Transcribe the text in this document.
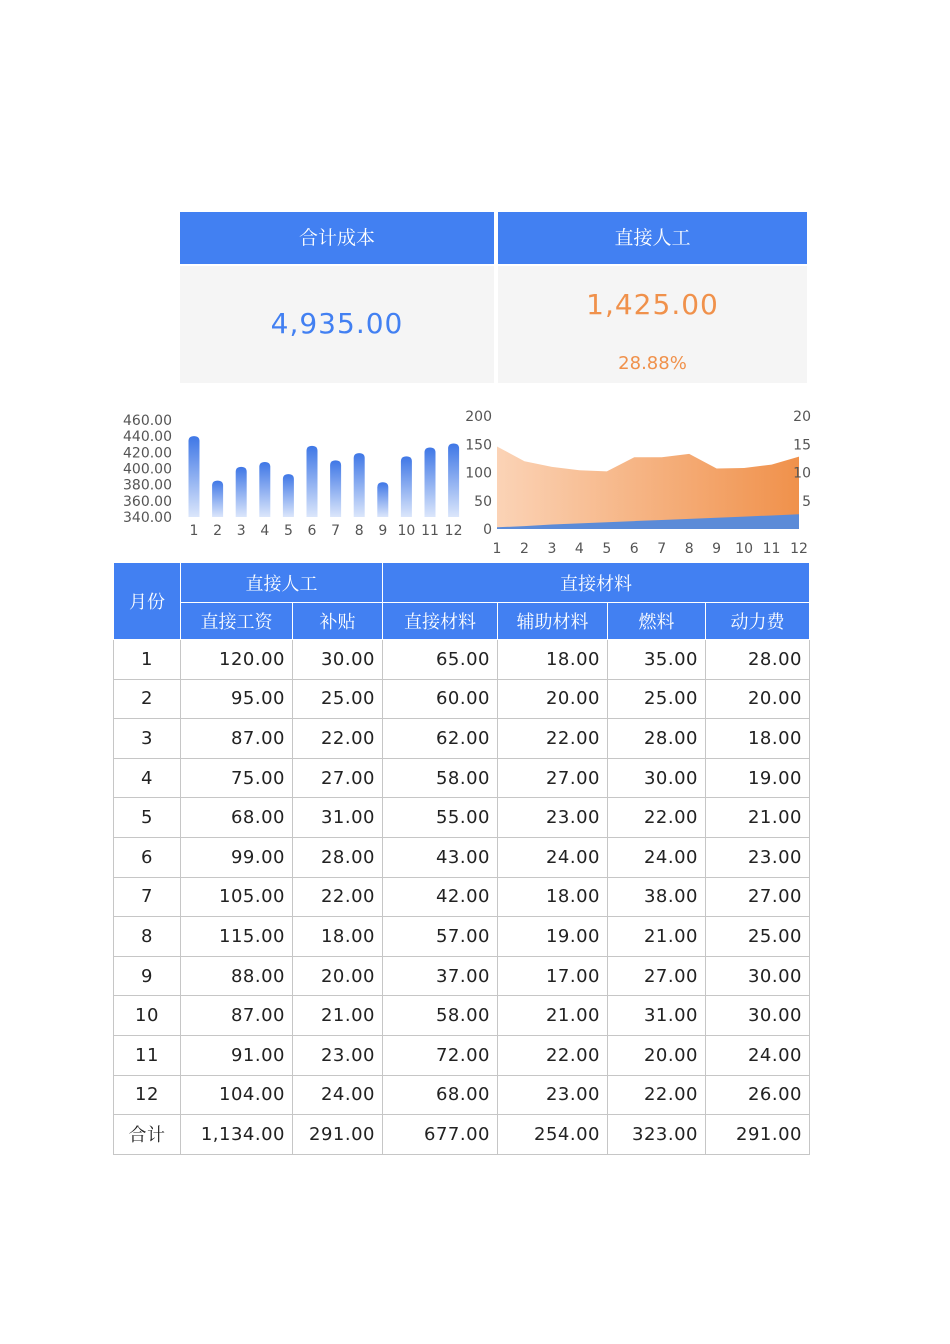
合计成本
4,935.00
直接人工
1,425.00
28.88%
460.00
440.00
420.00
400.00
380.00
360.00
340.00
1 2 3 4 5 6 7 8 9 10 11 12
200
150
100
50
0
20
15
10
5
1 2 3 4 5 6 7 8 9 10 11 12
月份	直接人工		直接材料			
	直接工资	补贴	直接材料	辅助材料	燃料	动力费
1	120.00	30.00	65.00	18.00	35.00	28.00
2	95.00	25.00	60.00	20.00	25.00	20.00
3	87.00	22.00	62.00	22.00	28.00	18.00
4	75.00	27.00	58.00	27.00	30.00	19.00
5	68.00	31.00	55.00	23.00	22.00	21.00
6	99.00	28.00	43.00	24.00	24.00	23.00
7	105.00	22.00	42.00	18.00	38.00	27.00
8	115.00	18.00	57.00	19.00	21.00	25.00
9	88.00	20.00	37.00	17.00	27.00	30.00
10	87.00	21.00	58.00	21.00	31.00	30.00
11	91.00	23.00	72.00	22.00	20.00	24.00
12	104.00	24.00	68.00	23.00	22.00	26.00
合计	1,134.00	291.00	677.00	254.00	323.00	291.00
